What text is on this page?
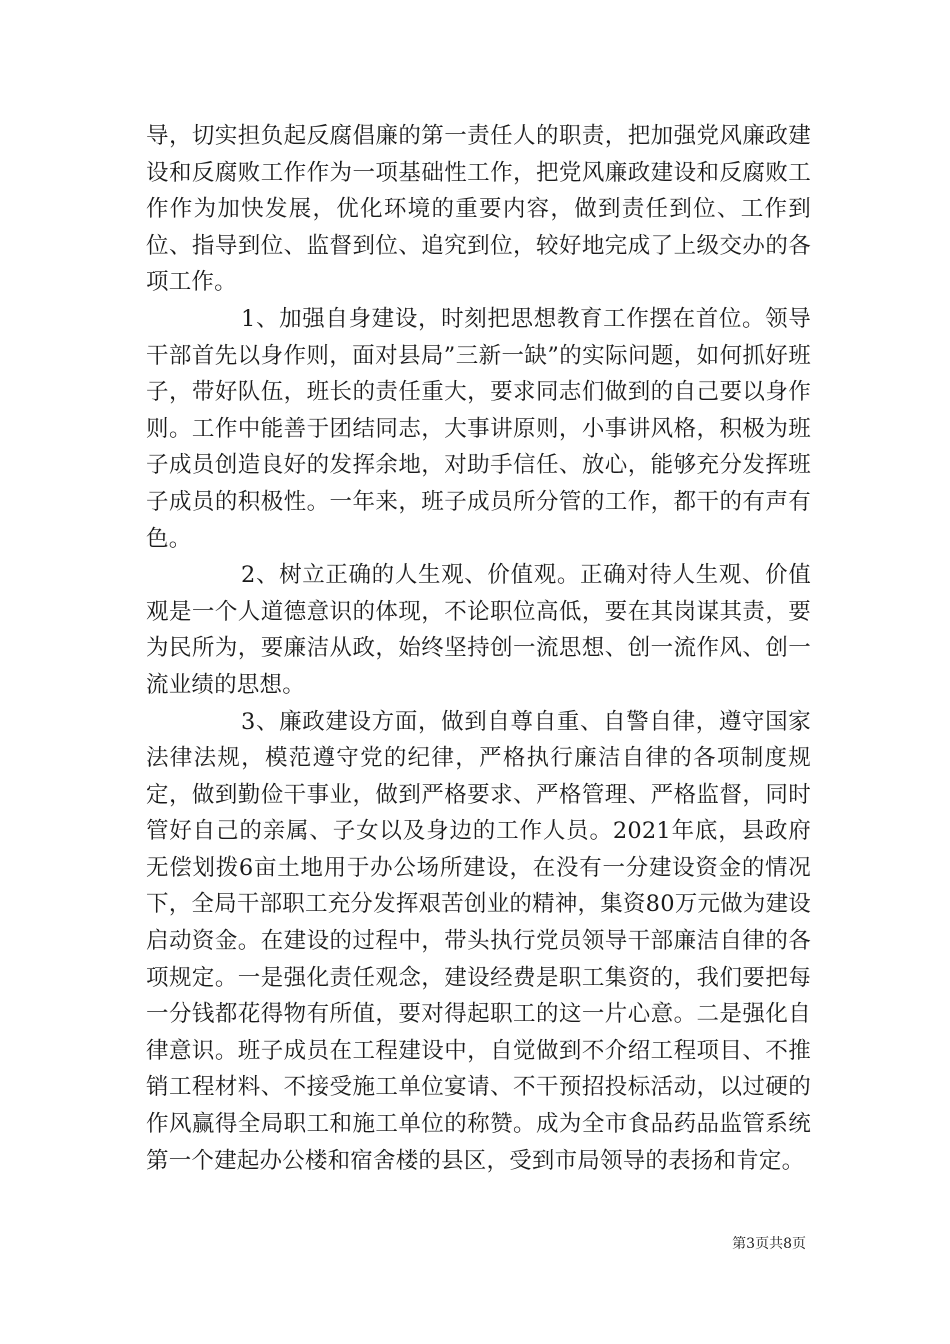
导，切实担负起反腐倡廉的第一责任人的职责，把加强党风廉政建设和反腐败工作作为一项基础性工作，把党风廉政建设和反腐败工作作为加快发展，优化环境的重要内容，做到责任到位、工作到位、指导到位、监督到位、追究到位，较好地完成了上级交办的各项工作。

1、加强自身建设，时刻把思想教育工作摆在首位。领导干部首先以身作则，面对县局”三新一缺”的实际问题，如何抓好班子，带好队伍，班长的责任重大，要求同志们做到的自己要以身作则。工作中能善于团结同志，大事讲原则，小事讲风格，积极为班子成员创造良好的发挥余地，对助手信任、放心，能够充分发挥班子成员的积极性。一年来，班子成员所分管的工作，都干的有声有色。

2、树立正确的人生观、价值观。正确对待人生观、价值观是一个人道德意识的体现，不论职位高低，要在其岗谋其责，要为民所为，要廉洁从政，始终坚持创一流思想、创一流作风、创一流业绩的思想。

3、廉政建设方面，做到自尊自重、自警自律，遵守国家法律法规，模范遵守党的纪律，严格执行廉洁自律的各项制度规定，做到勤俭干事业，做到严格要求、严格管理、严格监督，同时管好自己的亲属、子女以及身边的工作人员。2021年底，县政府无偿划拨6亩土地用于办公场所建设，在没有一分建设资金的情况下，全局干部职工充分发挥艰苦创业的精神，集资80万元做为建设启动资金。在建设的过程中，带头执行党员领导干部廉洁自律的各项规定。一是强化责任观念，建设经费是职工集资的，我们要把每一分钱都花得物有所值，要对得起职工的这一片心意。二是强化自律意识。班子成员在工程建设中，自觉做到不介绍工程项目、不推销工程材料、不接受施工单位宴请、不干预招投标活动，以过硬的作风赢得全局职工和施工单位的称赞。成为全市食品药品监管系统第一个建起办公楼和宿舍楼的县区，受到市局领导的表扬和肯定。

第3页共8页
